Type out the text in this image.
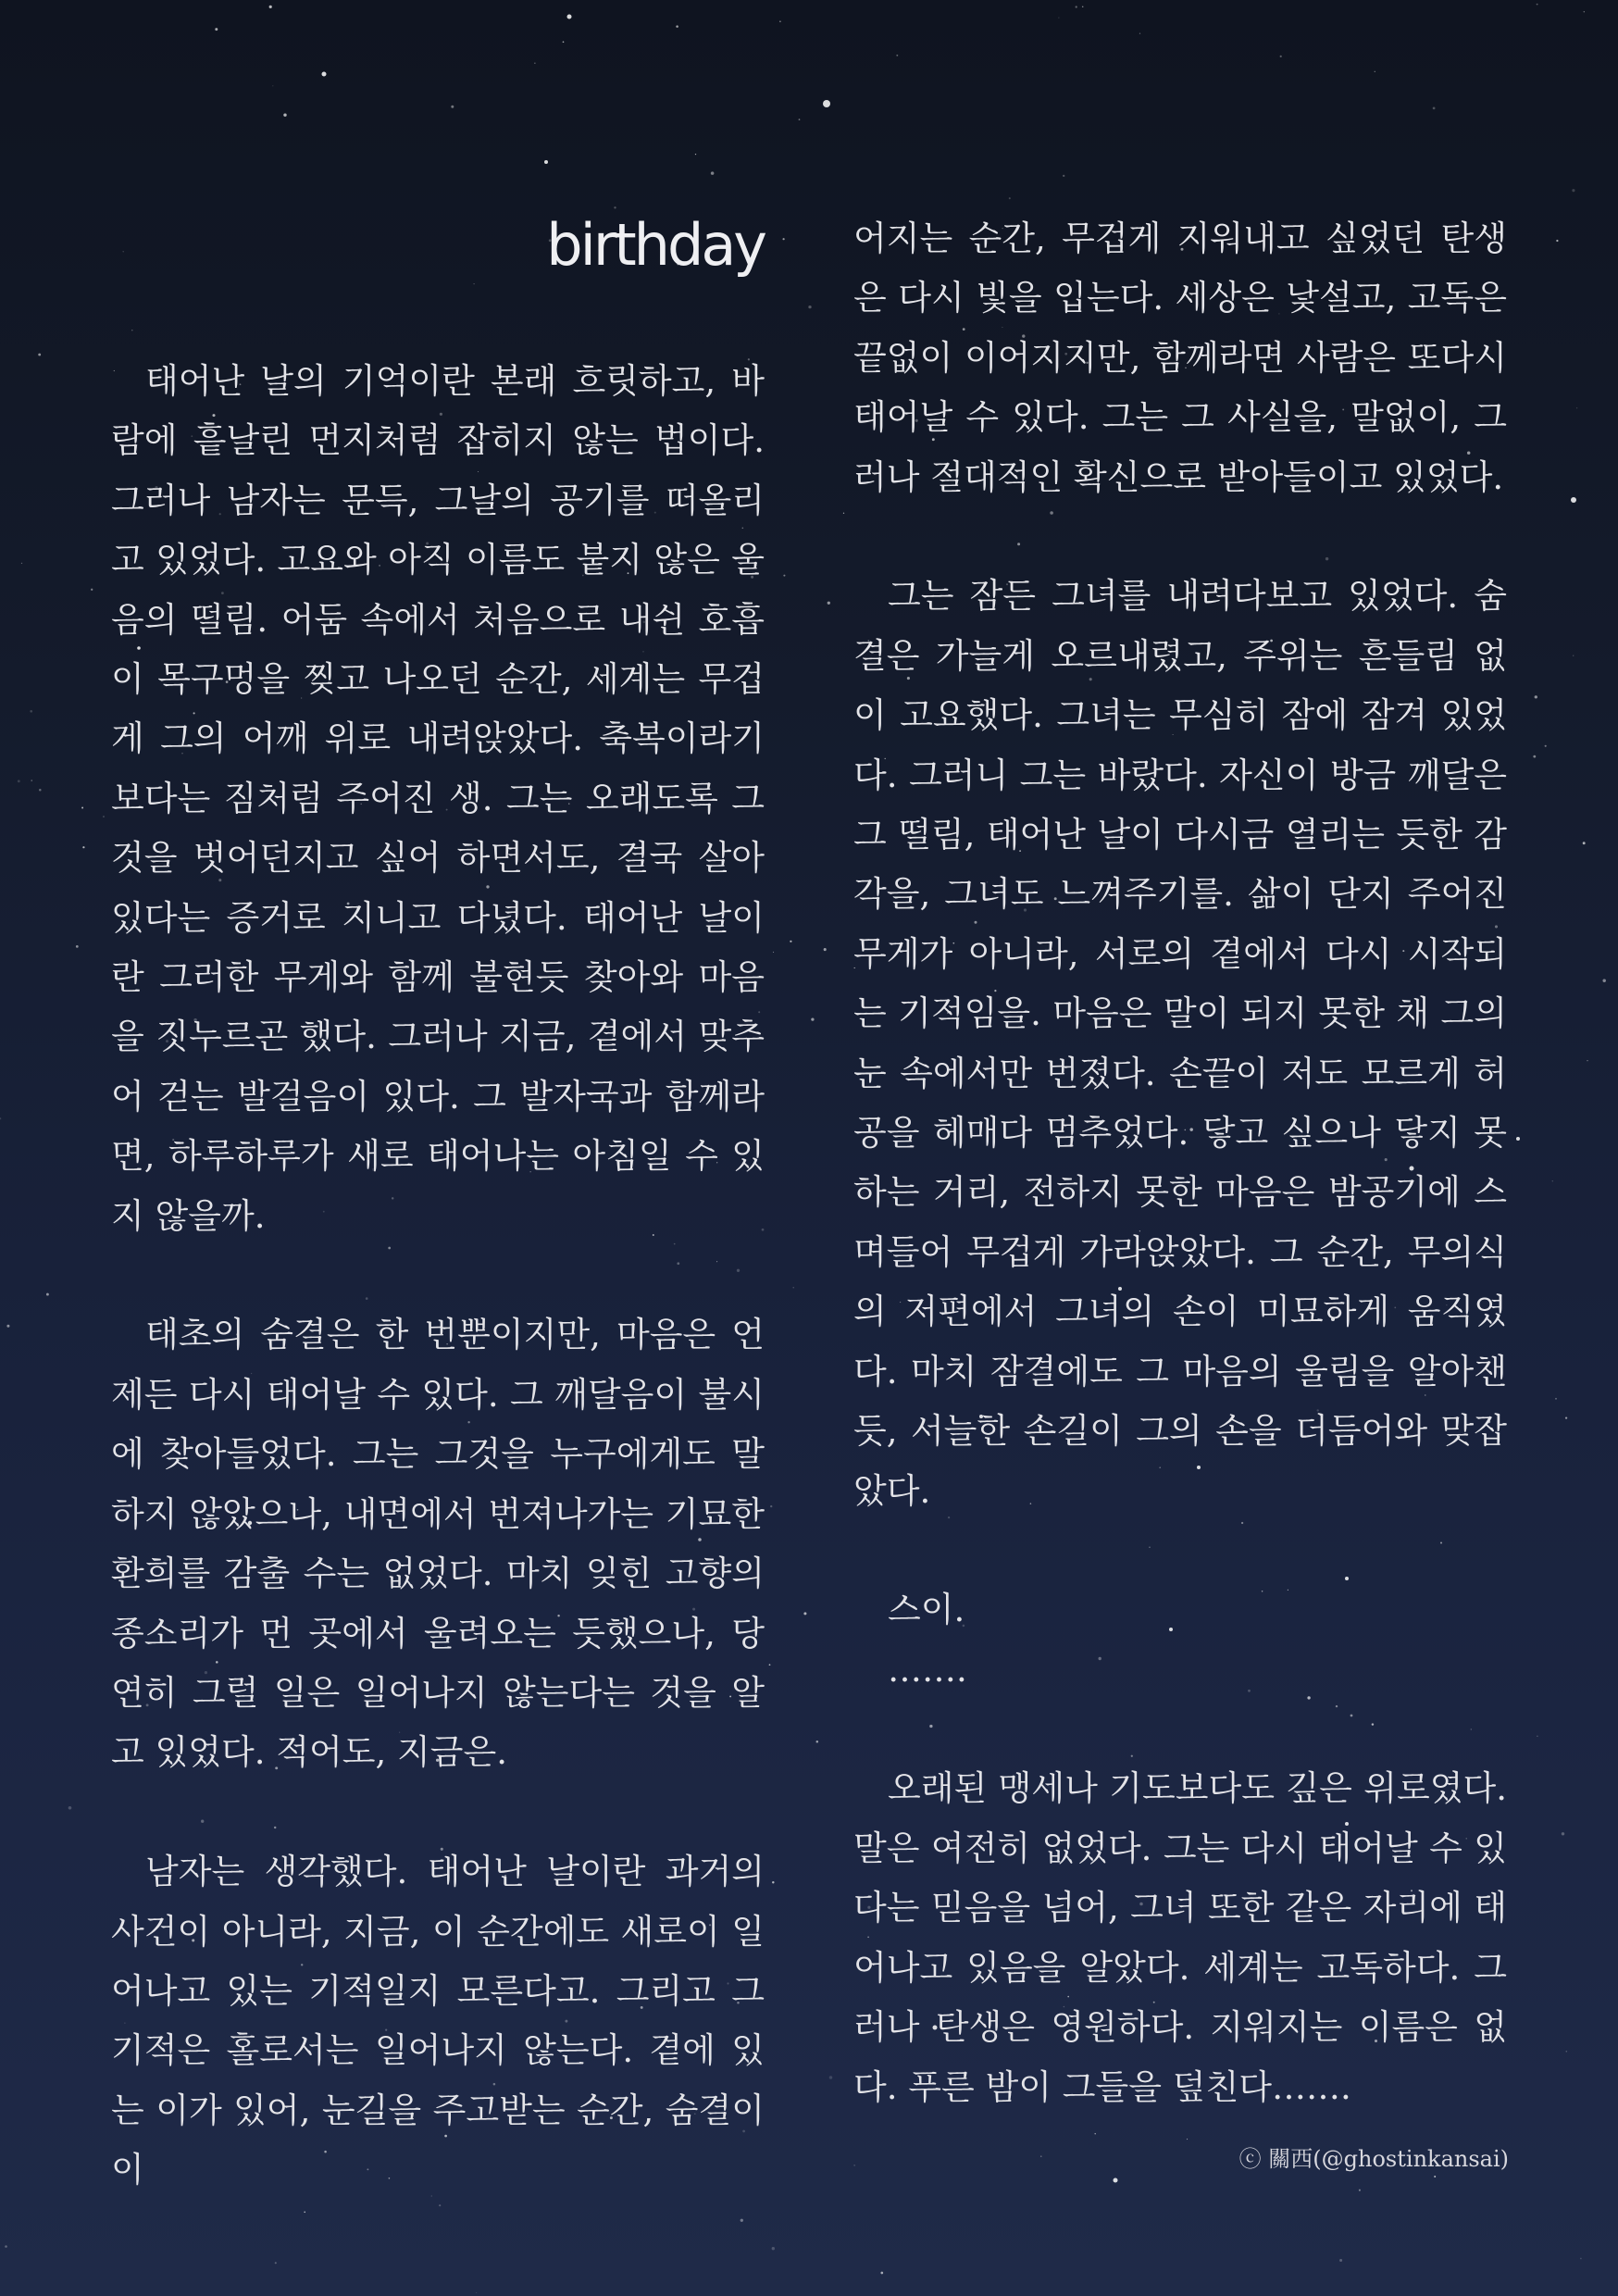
birthday

태어난 날의 기억이란 본래 흐릿하고, 바람에 흩날린 먼지처럼 잡히지 않는 법이다. 그러나 남자는 문득, 그날의 공기를 떠올리고 있었다. 고요와 아직 이름도 붙지 않은 울음의 떨림. 어둠 속에서 처음으로 내쉰 호흡이 목구멍을 찢고 나오던 순간, 세계는 무겁게 그의 어깨 위로 내려앉았다. 축복이라기보다는 짐처럼 주어진 생. 그는 오래도록 그것을 벗어던지고 싶어 하면서도, 결국 살아 있다는 증거로 지니고 다녔다. 태어난 날이란 그러한 무게와 함께 불현듯 찾아와 마음을 짓누르곤 했다. 그러나 지금, 곁에서 맞추어 걷는 발걸음이 있다. 그 발자국과 함께라면, 하루하루가 새로 태어나는 아침일 수 있지 않을까.

태초의 숨결은 한 번뿐이지만, 마음은 언제든 다시 태어날 수 있다. 그 깨달음이 불시에 찾아들었다. 그는 그것을 누구에게도 말하지 않았으나, 내면에서 번져나가는 기묘한 환희를 감출 수는 없었다. 마치 잊힌 고향의 종소리가 먼 곳에서 울려오는 듯했으나, 당연히 그럴 일은 일어나지 않는다는 것을 알고 있었다. 적어도, 지금은.

남자는 생각했다. 태어난 날이란 과거의 사건이 아니라, 지금, 이 순간에도 새로이 일어나고 있는 기적일지 모른다고. 그리고 그 기적은 홀로서는 일어나지 않는다. 곁에 있는 이가 있어, 눈길을 주고받는 순간, 숨결이 이

어지는 순간, 무겁게 지워내고 싶었던 탄생은 다시 빛을 입는다. 세상은 낯설고, 고독은 끝없이 이어지지만, 함께라면 사람은 또다시 태어날 수 있다. 그는 그 사실을, 말없이, 그러나 절대적인 확신으로 받아들이고 있었다.

그는 잠든 그녀를 내려다보고 있었다. 숨결은 가늘게 오르내렸고, 주위는 흔들림 없이 고요했다. 그녀는 무심히 잠에 잠겨 있었다. 그러니 그는 바랐다. 자신이 방금 깨달은 그 떨림, 태어난 날이 다시금 열리는 듯한 감각을, 그녀도 느껴주기를. 삶이 단지 주어진 무게가 아니라, 서로의 곁에서 다시 시작되는 기적임을. 마음은 말이 되지 못한 채 그의 눈 속에서만 번졌다. 손끝이 저도 모르게 허공을 헤매다 멈추었다. 닿고 싶으나 닿지 못하는 거리, 전하지 못한 마음은 밤공기에 스며들어 무겁게 가라앉았다. 그 순간, 무의식의 저편에서 그녀의 손이 미묘하게 움직였다. 마치 잠결에도 그 마음의 울림을 알아챈 듯, 서늘한 손길이 그의 손을 더듬어와 맞잡았다.

스이.
…….

오래된 맹세나 기도보다도 깊은 위로였다. 말은 여전히 없었다. 그는 다시 태어날 수 있다는 믿음을 넘어, 그녀 또한 같은 자리에 태어나고 있음을 알았다. 세계는 고독하다. 그러나 탄생은 영원하다. 지워지는 이름은 없다. 푸른 밤이 그들을 덮친다…….

ⓒ 關西(@ghostinkansai)
